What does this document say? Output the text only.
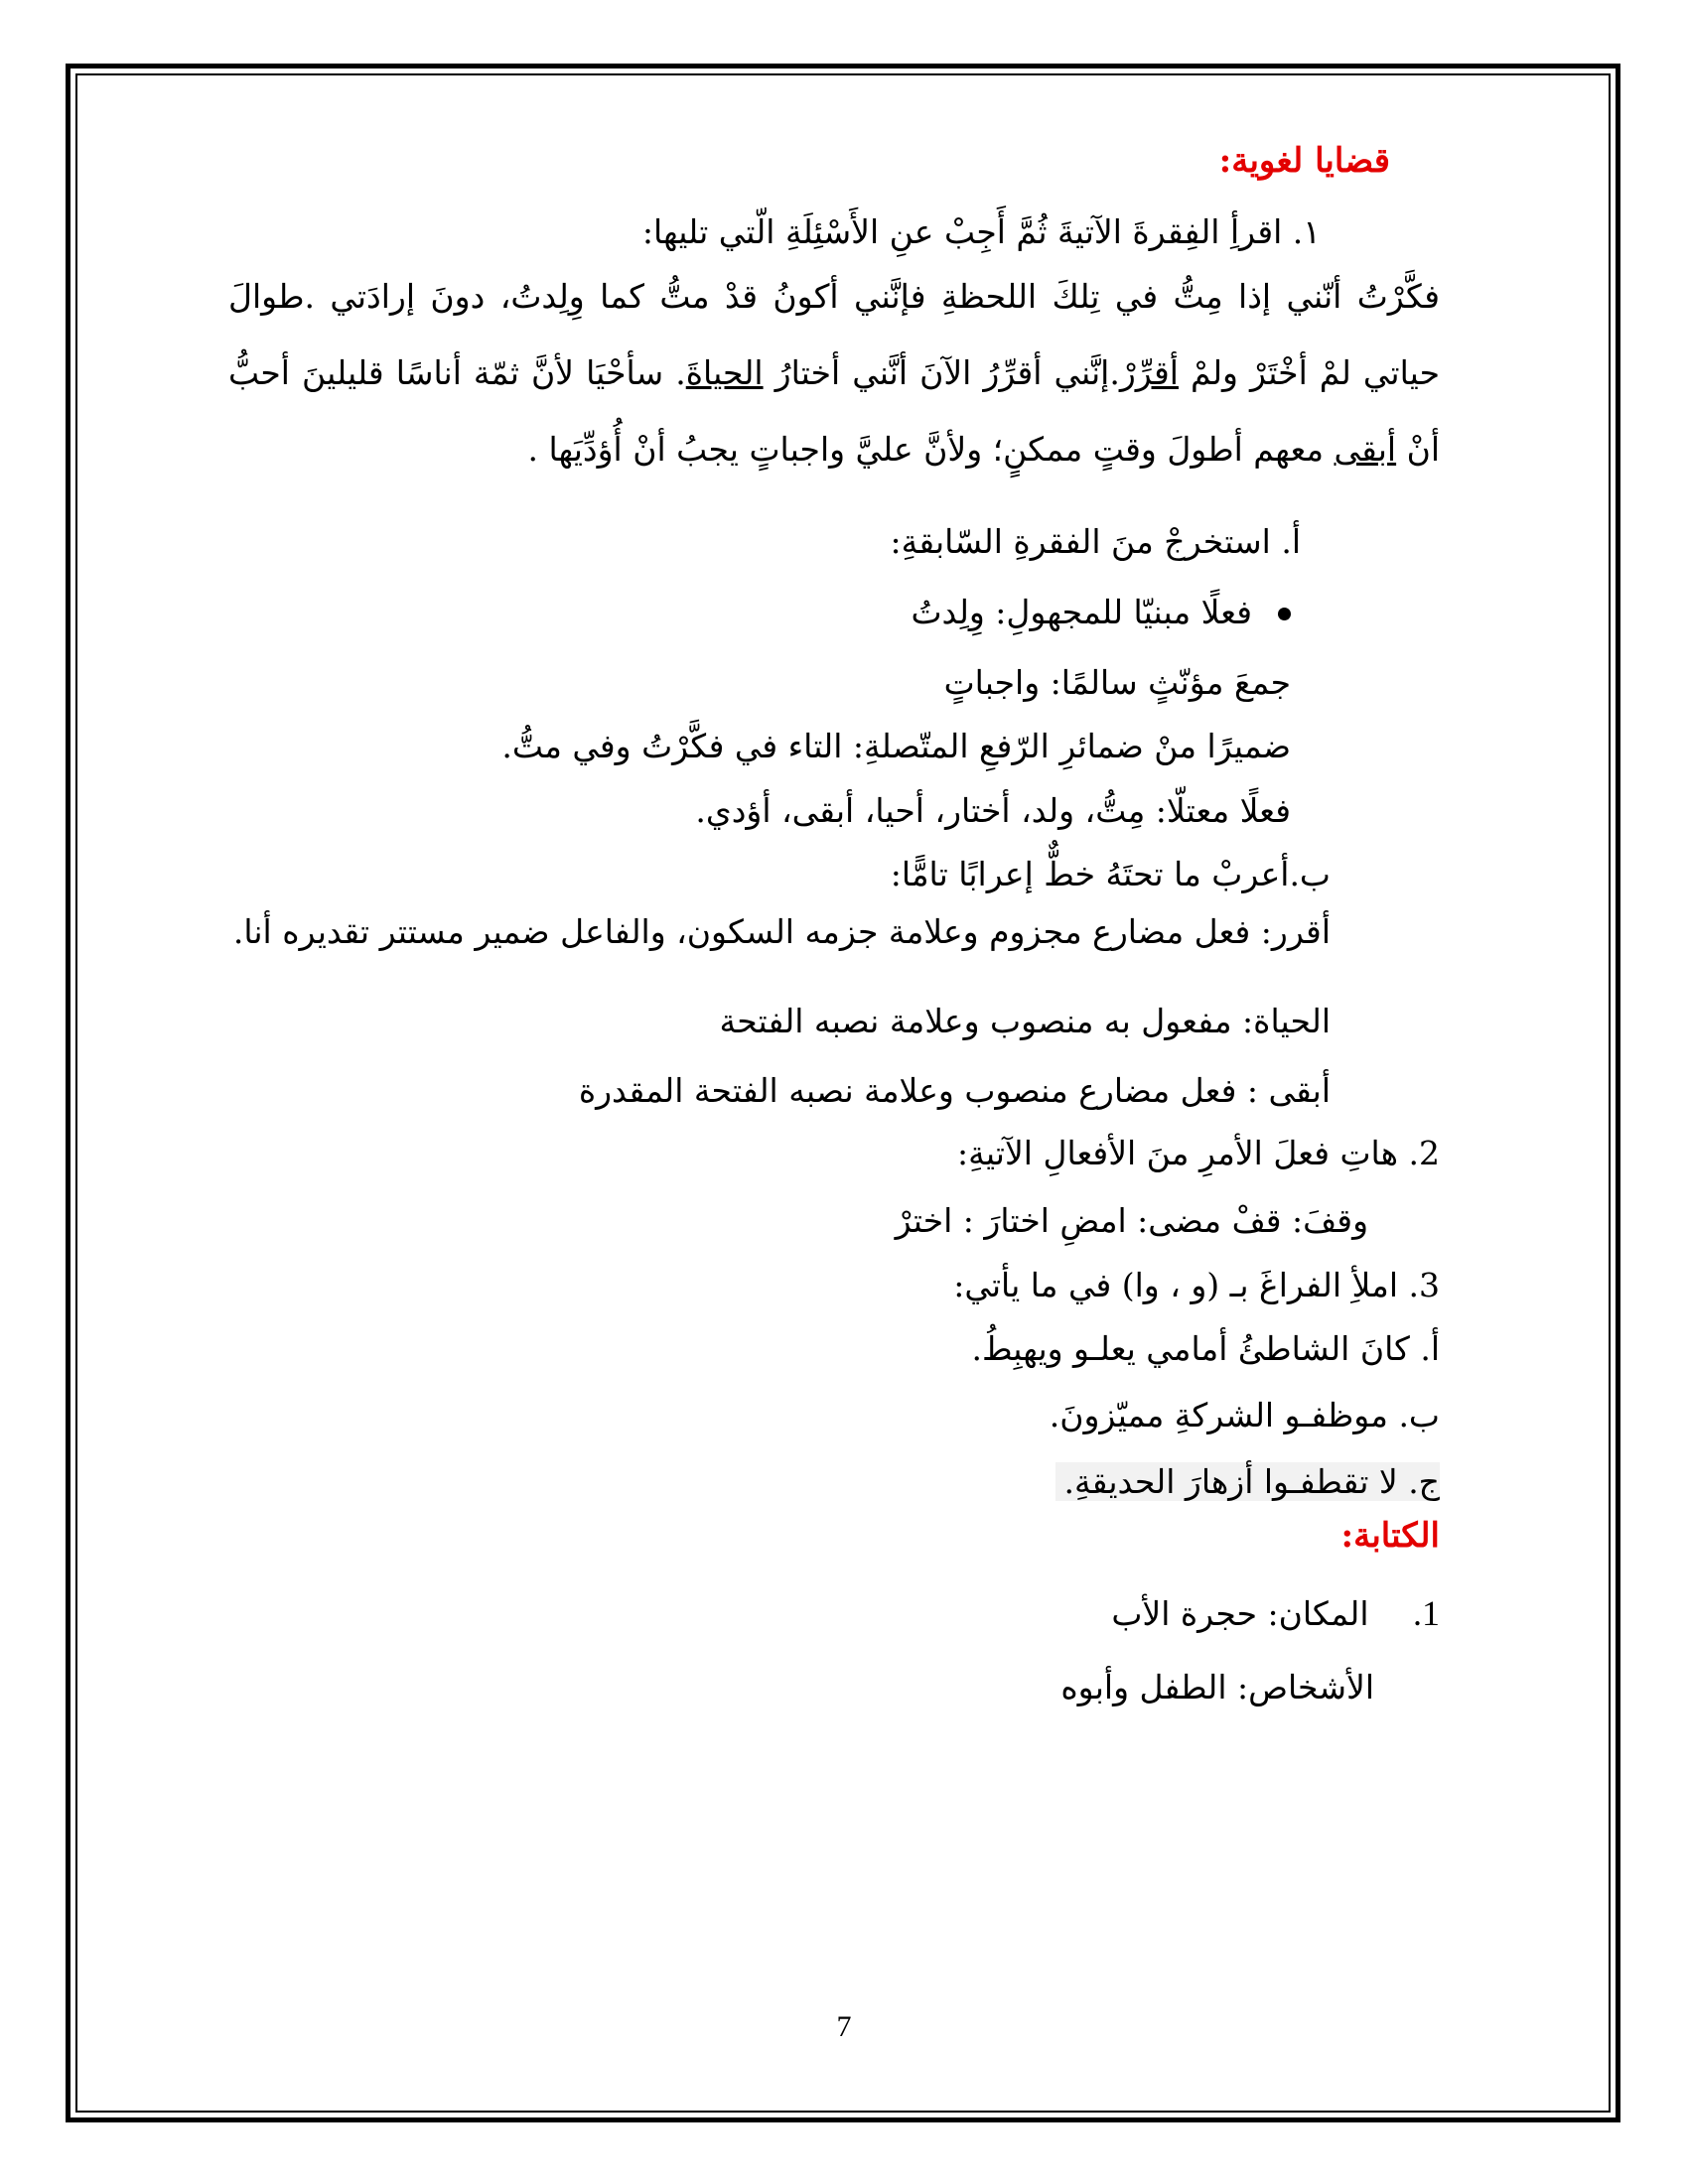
قضايا لغوية:

١. اقرأِ الفِقرةَ الآتيةَ ثُمَّ أَجِبْ عنِ الأَسْئِلَةِ الّتي تليها:

فكَّرْتُ أنّني إذا مِتُّ في تِلكَ اللحظةِ فإنَّني أكونُ قدْ متُّ كما وِلِدتُ، دونَ إرادَتي .طوالَ حياتي لمْ أخْتَرْ ولمْ أقرِّرْ.إنَّني أقرِّرُ الآنَ أنَّني أختارُ الحياةَ. سأحْيَا لأنَّ ثمّة أناسًا قليلينَ أحبُّ أنْ أبقى معهم أطولَ وقتٍ ممكنٍ؛ ولأنَّ عليَّ واجباتٍ يجبُ أنْ أُؤدِّيَها .

أ. استخرجْ منَ الفقرةِ السّابقةِ:

فعلًا مبنيّا للمجهولِ: وِلِدتُ

جمعَ مؤنّثٍ سالمًا: واجباتٍ

ضميرًا منْ ضمائرِ الرّفعِ المتّصلةِ: التاء في فكَّرْتُ وفي متُّ.

فعلًا معتلّا: مِتُّ، ولد، أختار، أحيا، أبقى، أؤدي.

ب.أعربْ ما تحتَهُ خطٌّ إعرابًا تامًّا:

أقرر: فعل مضارع مجزوم وعلامة جزمه السكون، والفاعل ضمير مستتر تقديره أنا.

الحياة: مفعول به منصوب وعلامة نصبه الفتحة

أبقى : فعل مضارع منصوب وعلامة نصبه الفتحة المقدرة

2. هاتِ فعلَ الأمرِ منَ الأفعالِ الآتيةِ:

وقفَ: قفْ مضى: امضِ اختارَ : اخترْ

3. املأِ الفراغَ بـ (و ، وا) في ما يأتي:

أ. كانَ الشاطئُ أمامي يعلـو ويهبِطُ.

ب. موظفـو الشركةِ مميّزونَ.

ج. لا تقطفـوا أزهارَ الحديقةِ.

الكتابة:

1. المكان: حجرة الأب

الأشخاص: الطفل وأبوه

7
